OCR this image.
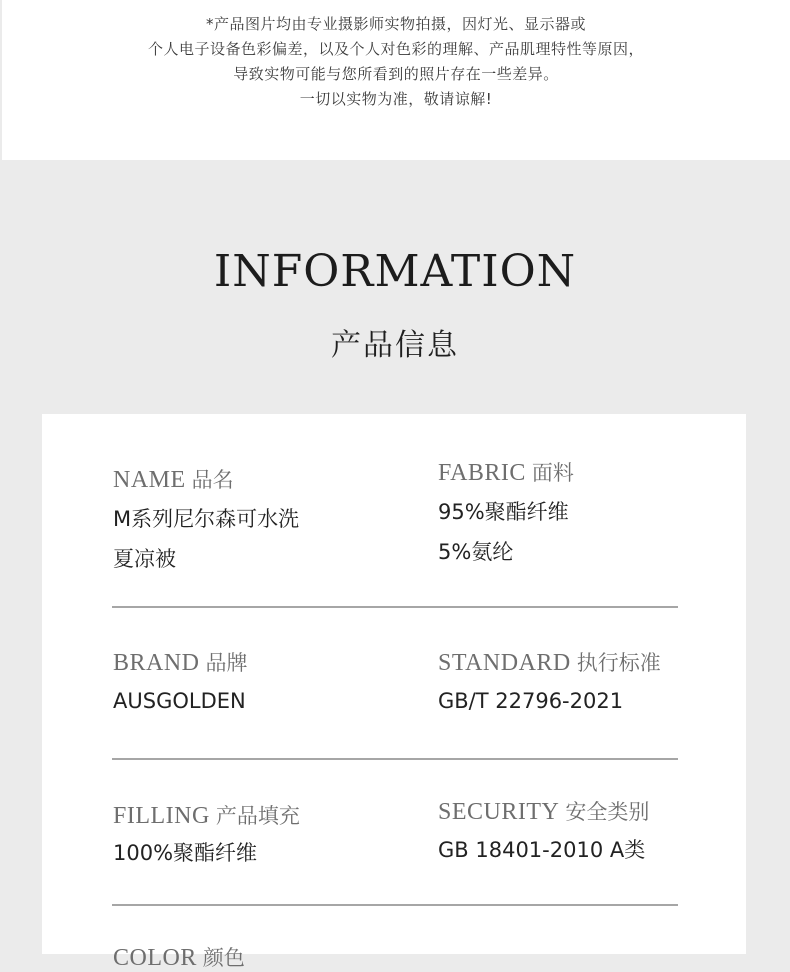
*产品图片均由专业摄影师实物拍摄，因灯光、显示器或
个人电子设备色彩偏差，以及个人对色彩的理解、产品肌理特性等原因，
导致实物可能与您所看到的照片存在一些差异。
一切以实物为准，敬请谅解!
INFORMATION
产品信息
NAME 品名
M系列尼尔森可水洗
夏凉被
FABRIC 面料
95%聚酯纤维
5%氨纶
BRAND 品牌
AUSGOLDEN
STANDARD 执行标准
GB/T 22796-2021
FILLING 产品填充
100%聚酯纤维
SECURITY 安全类别
GB 18401-2010 A类
COLOR 颜色
